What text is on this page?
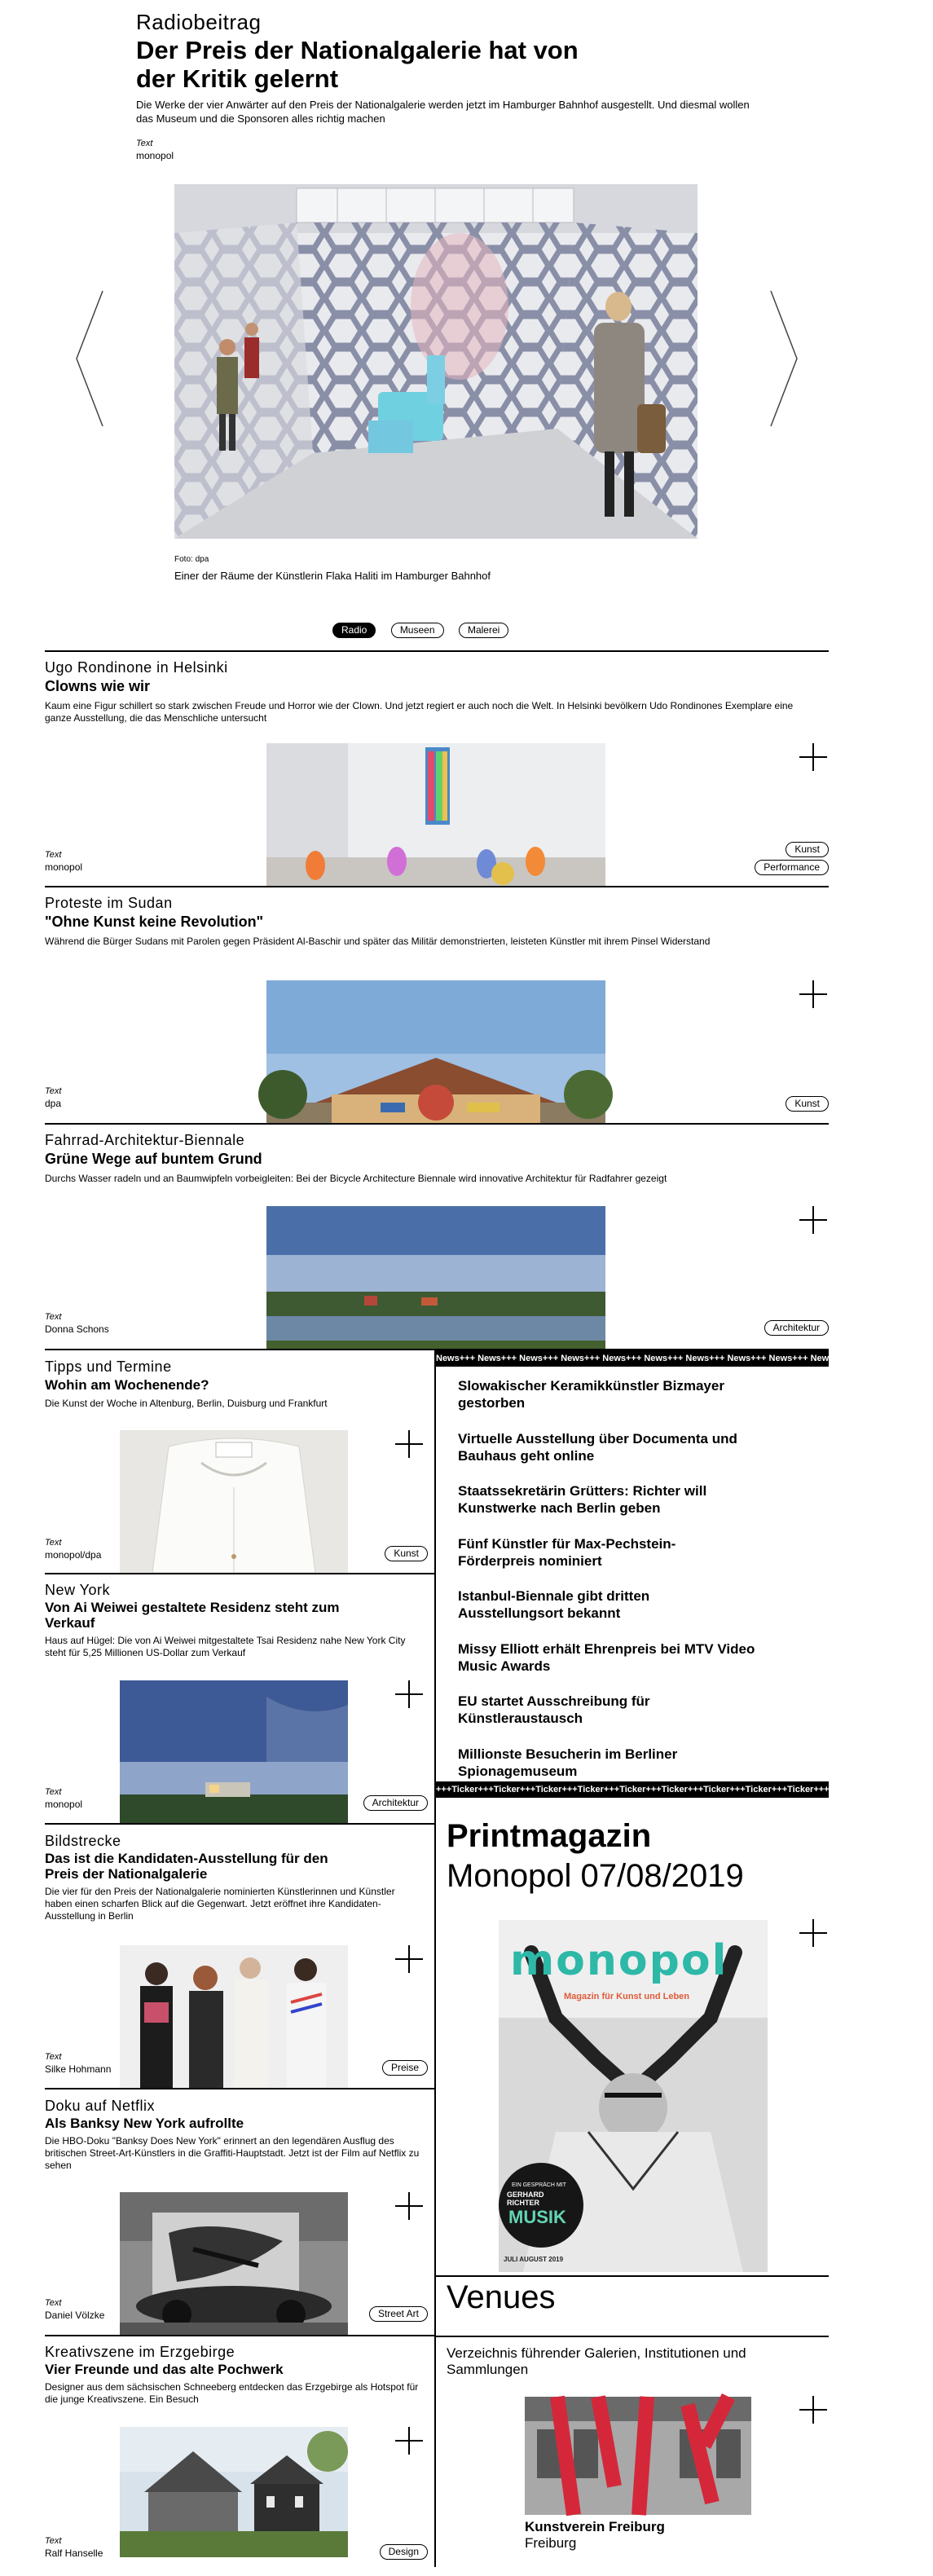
Radiobeitrag
Der Preis der Nationalgalerie hat von
der Kritik gelernt
Die Werke der vier Anwärter auf den Preis der Nationalgalerie werden jetzt im Hamburger Bahnhof ausgestellt. Und diesmal wollen das Museum und die Sponsoren alles richtig machen
Text
monopol
Foto: dpa
Einer der Räume der Künstlerin Flaka Haliti im Hamburger Bahnhof
Radio	Museen	Malerei
Ugo Rondinone in Helsinki
Clowns wie wir
Kaum eine Figur schillert so stark zwischen Freude und Horror wie der Clown. Und jetzt regiert er auch noch die Welt. In Helsinki bevölkern Udo Rondinones Exemplare eine ganze Ausstellung, die das Menschliche untersucht
Text
monopol
Kunst
Performance
Proteste im Sudan
"Ohne Kunst keine Revolution"
Während die Bürger Sudans mit Parolen gegen Präsident Al-Baschir und später das Militär demonstrierten, leisteten Künstler mit ihrem Pinsel Widerstand
Text
dpa	Kunst
Fahrrad-Architektur-Biennale
Grüne Wege auf buntem Grund
Durchs Wasser radeln und an Baumwipfeln vorbeigleiten: Bei der Bicycle Architecture Biennale wird innovative Architektur für Radfahrer gezeigt
Text
Donna Schons	Architektur
Tipps und Termine
Wohin am Wochenende?
Die Kunst der Woche in Altenburg, Berlin, Duisburg und Frankfurt
Text
monopol/dpa	Kunst
New York
Von Ai Weiwei gestaltete Residenz steht zum
Verkauf
Haus auf Hügel: Die von Ai Weiwei mitgestaltete Tsai Residenz nahe New York City steht für 5,25 Millionen US-Dollar zum Verkauf
Text
monopol	Architektur
Bildstrecke
Das ist die Kandidaten-Ausstellung für den
Preis der Nationalgalerie
Die vier für den Preis der Nationalgalerie nominierten Künstlerinnen und Künstler haben einen scharfen Blick auf die Gegenwart. Jetzt eröffnet ihre Kandidaten-Ausstellung in Berlin
Text
Silke Hohmann	Preise
Doku auf Netflix
Als Banksy New York aufrollte
Die HBO-Doku "Banksy Does New York" erinnert an den legendären Ausflug des britischen Street-Art-Künstlers in die Graffiti-Hauptstadt. Jetzt ist der Film auf Netflix zu sehen
Text
Daniel Völzke	Street Art
Kreativszene im Erzgebirge
Vier Freunde und das alte Pochwerk
Designer aus dem sächsischen Schneeberg entdecken das Erzgebirge als Hotspot für die junge Kreativszene. Ein Besuch
Text
Ralf Hanselle	Design
News+++ News+++ News+++ News+++ News+++ News+++ News+++ News+++ News+++ News+++ News+++ News+++
Slowakischer Keramikkünstler Bizmayer
gestorben
Virtuelle Ausstellung über Documenta und
Bauhaus geht online
Staatssekretärin Grütters: Richter will
Kunstwerke nach Berlin geben
Fünf Künstler für Max-Pechstein-
Förderpreis nominiert
Istanbul-Biennale gibt dritten
Ausstellungsort bekannt
Missy Elliott erhält Ehrenpreis bei MTV Video
Music Awards
EU startet Ausschreibung für
Künstleraustausch
Millionste Besucherin im Berliner
Spionagemuseum
+++Ticker+++Ticker+++Ticker+++Ticker+++Ticker+++Ticker+++Ticker+++Ticker+++Ticker+++Ticker+++Ticker+++
Printmagazin
Monopol 07/08/2019
monopol
Magazin für Kunst und Leben
EIN GESPRÄCH MIT
GERHARD RICHTER
MUSIK
JULI AUGUST 2019
Venues
Verzeichnis führender Galerien, Institutionen und Sammlungen
Kunstverein Freiburg
Freiburg
